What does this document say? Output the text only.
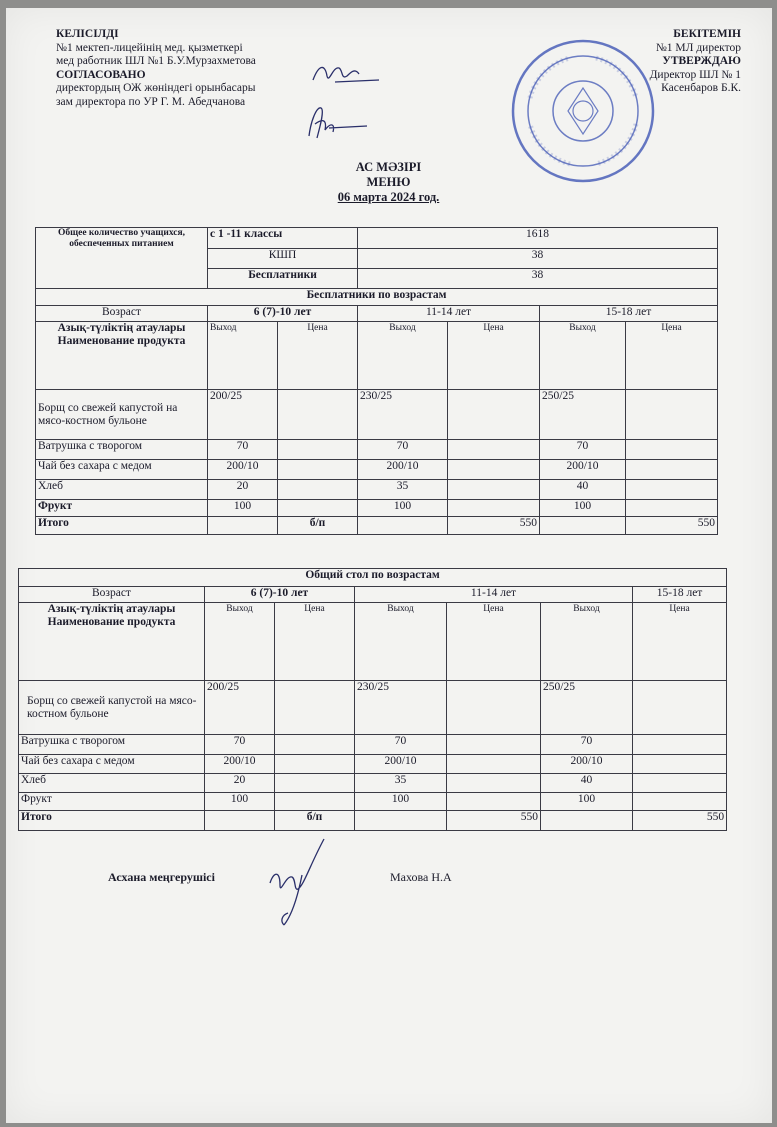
КЕЛІСІЛДІ
№1 мектеп-лицейінің мед. қызметкері
мед работник ШЛ №1 Б.У.Мурзахметова
СОГЛАСОВАНО
директордың ОЖ жөніндегі орынбасары
зам директора по УР Г. М. Абедчанова
БЕКІТЕМІН
№1 МЛ директор
УТВЕРЖДАЮ
Директор ШЛ № 1
Касенбаров Б.К.
АС МӘЗІРІ
МЕНЮ
06 марта 2024 год.
Общее количество учащихся, обеспеченных питанием	с 1 -11 классы		1618			
	КШП		38			
	Бесплатники		38			
Бесплатники по возрастам						
Возраст	6 (7)-10 лет		11-14 лет		15-18 лет	
Азық-түліктің атаулары Наименование продукта	Выход	Цена	Выход	Цена	Выход	Цена
Борщ со свежей капустой на мясо-костном бульоне	200/25		230/25		250/25	
Ватрушка с творогом	70		70		70	
Чай без сахара с медом	200/10		200/10		200/10	
Хлеб	20		35		40	
Фрукт	100		100		100	
Итого		б/п		550		550
Общий стол по возрастам						
Возраст	6 (7)-10 лет		11-14 лет			15-18 лет
Азық-түліктің атаулары Наименование продукта	Выход	Цена	Выход	Цена	Выход	Цена
Борщ со свежей капустой на мясо-костном бульоне	200/25		230/25		250/25	
Ватрушка с творогом	70		70		70	
Чай без сахара с медом	200/10		200/10		200/10	
Хлеб	20		35		40	
Фрукт	100		100		100	
Итого		б/п		550		550
Асхана меңгерушісі	Махова Н.А
